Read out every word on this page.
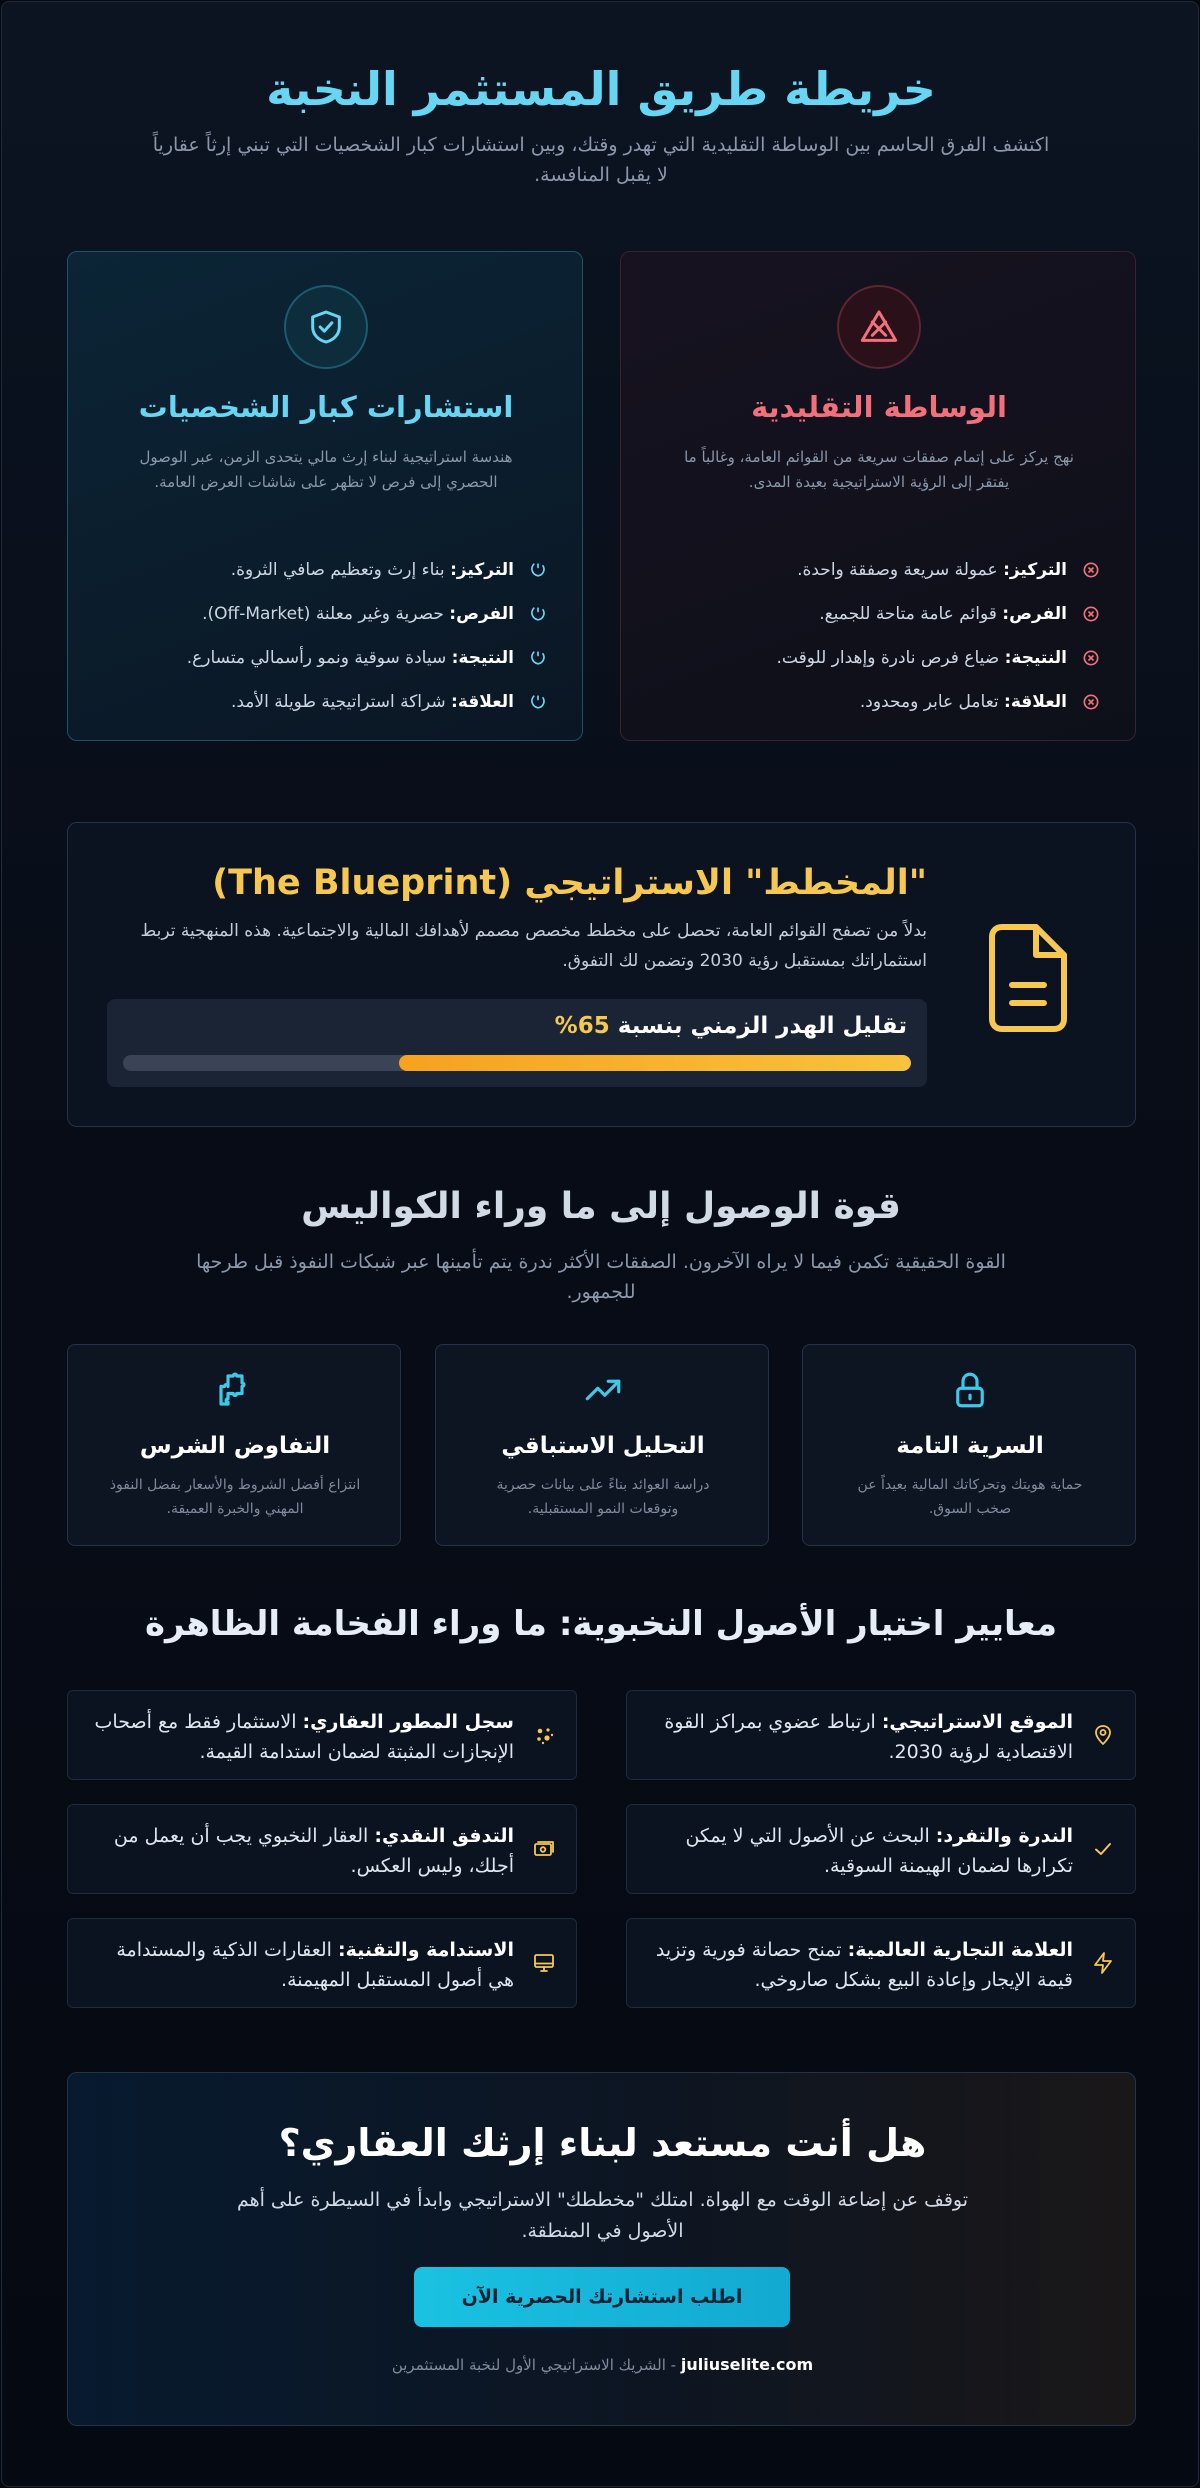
خريطة طريق المستثمر النخبة

اكتشف الفرق الحاسم بين الوساطة التقليدية التي تهدر وقتك، وبين استشارات كبار الشخصيات التي تبني إرثاً عقارياً لا يقبل المنافسة.

الوساطة التقليدية

نهج يركز على إتمام صفقات سريعة من القوائم العامة، وغالباً ما يفتقر إلى الرؤية الاستراتيجية بعيدة المدى.

التركيز: عمولة سريعة وصفقة واحدة.
الفرص: قوائم عامة متاحة للجميع.
النتيجة: ضياع فرص نادرة وإهدار للوقت.
العلاقة: تعامل عابر ومحدود.
استشارات كبار الشخصيات

هندسة استراتيجية لبناء إرث مالي يتحدى الزمن، عبر الوصول الحصري إلى فرص لا تظهر على شاشات العرض العامة.

التركيز: بناء إرث وتعظيم صافي الثروة.
الفرص: حصرية وغير معلنة (Off-Market).
النتيجة: سيادة سوقية ونمو رأسمالي متسارع.
العلاقة: شراكة استراتيجية طويلة الأمد.
"المخطط" الاستراتيجي (The Blueprint)

بدلاً من تصفح القوائم العامة، تحصل على مخطط مخصص مصمم لأهدافك المالية والاجتماعية. هذه المنهجية تربط استثماراتك بمستقبل رؤية 2030 وتضمن لك التفوق.

تقليل الهدر الزمني بنسبة 65%
قوة الوصول إلى ما وراء الكواليس

القوة الحقيقية تكمن فيما لا يراه الآخرون. الصفقات الأكثر ندرة يتم تأمينها عبر شبكات النفوذ قبل طرحها للجمهور.

السرية التامة

حماية هويتك وتحركاتك المالية بعيداً عن صخب السوق.

التحليل الاستباقي

دراسة العوائد بناءً على بيانات حصرية وتوقعات النمو المستقبلية.

التفاوض الشرس

انتزاع أفضل الشروط والأسعار بفضل النفوذ المهني والخبرة العميقة.

معايير اختيار الأصول النخبوية: ما وراء الفخامة الظاهرة

الموقع الاستراتيجي: ارتباط عضوي بمراكز القوة الاقتصادية لرؤية 2030.

سجل المطور العقاري: الاستثمار فقط مع أصحاب الإنجازات المثبتة لضمان استدامة القيمة.

الندرة والتفرد: البحث عن الأصول التي لا يمكن تكرارها لضمان الهيمنة السوقية.

التدفق النقدي: العقار النخبوي يجب أن يعمل من أجلك، وليس العكس.

العلامة التجارية العالمية: تمنح حصانة فورية وتزيد قيمة الإيجار وإعادة البيع بشكل صاروخي.

الاستدامة والتقنية: العقارات الذكية والمستدامة هي أصول المستقبل المهيمنة.

هل أنت مستعد لبناء إرثك العقاري؟

توقف عن إضاعة الوقت مع الهواة. امتلك "مخططك" الاستراتيجي وابدأ في السيطرة على أهم الأصول في المنطقة.

اطلب استشارتك الحصرية الآن

juliuselite.com - الشريك الاستراتيجي الأول لنخبة المستثمرين
